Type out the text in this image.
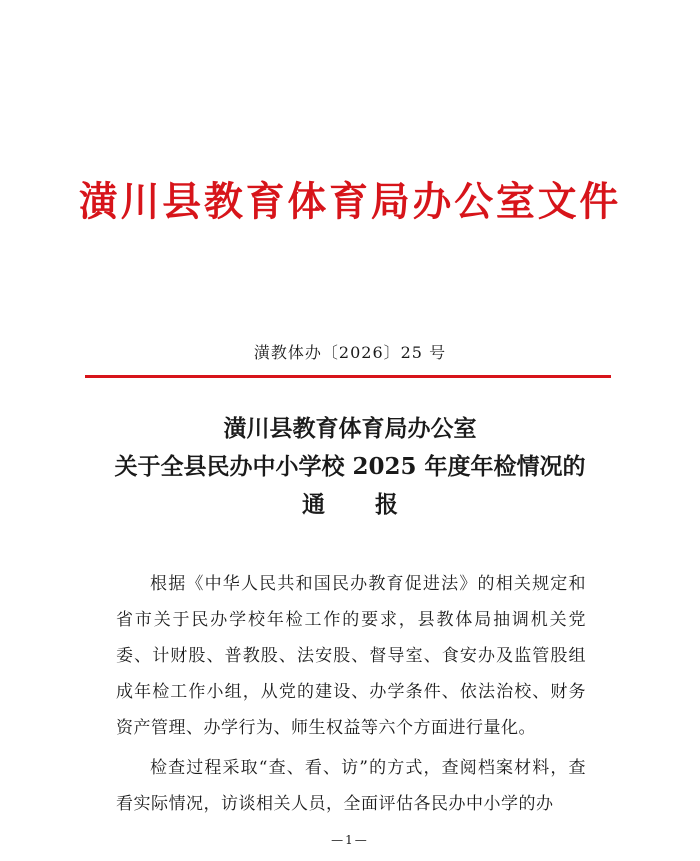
潢川县教育体育局办公室文件
潢教体办〔2026〕25 号
潢川县教育体育局办公室
关于全县民办中小学校 2025 年度年检情况的
通报

根据《中华人民共和国民办教育促进法》的相关规定和省市关于民办学校年检工作的要求，县教体局抽调机关党委、计财股、普教股、法安股、督导室、食安办及监管股组成年检工作小组，从党的建设、办学条件、依法治校、财务资产管理、办学行为、师生权益等六个方面进行量化。

检查过程采取“查、看、访”的方式，查阅档案材料，查看实际情况，访谈相关人员，全面评估各民办中小学的办

—1—
